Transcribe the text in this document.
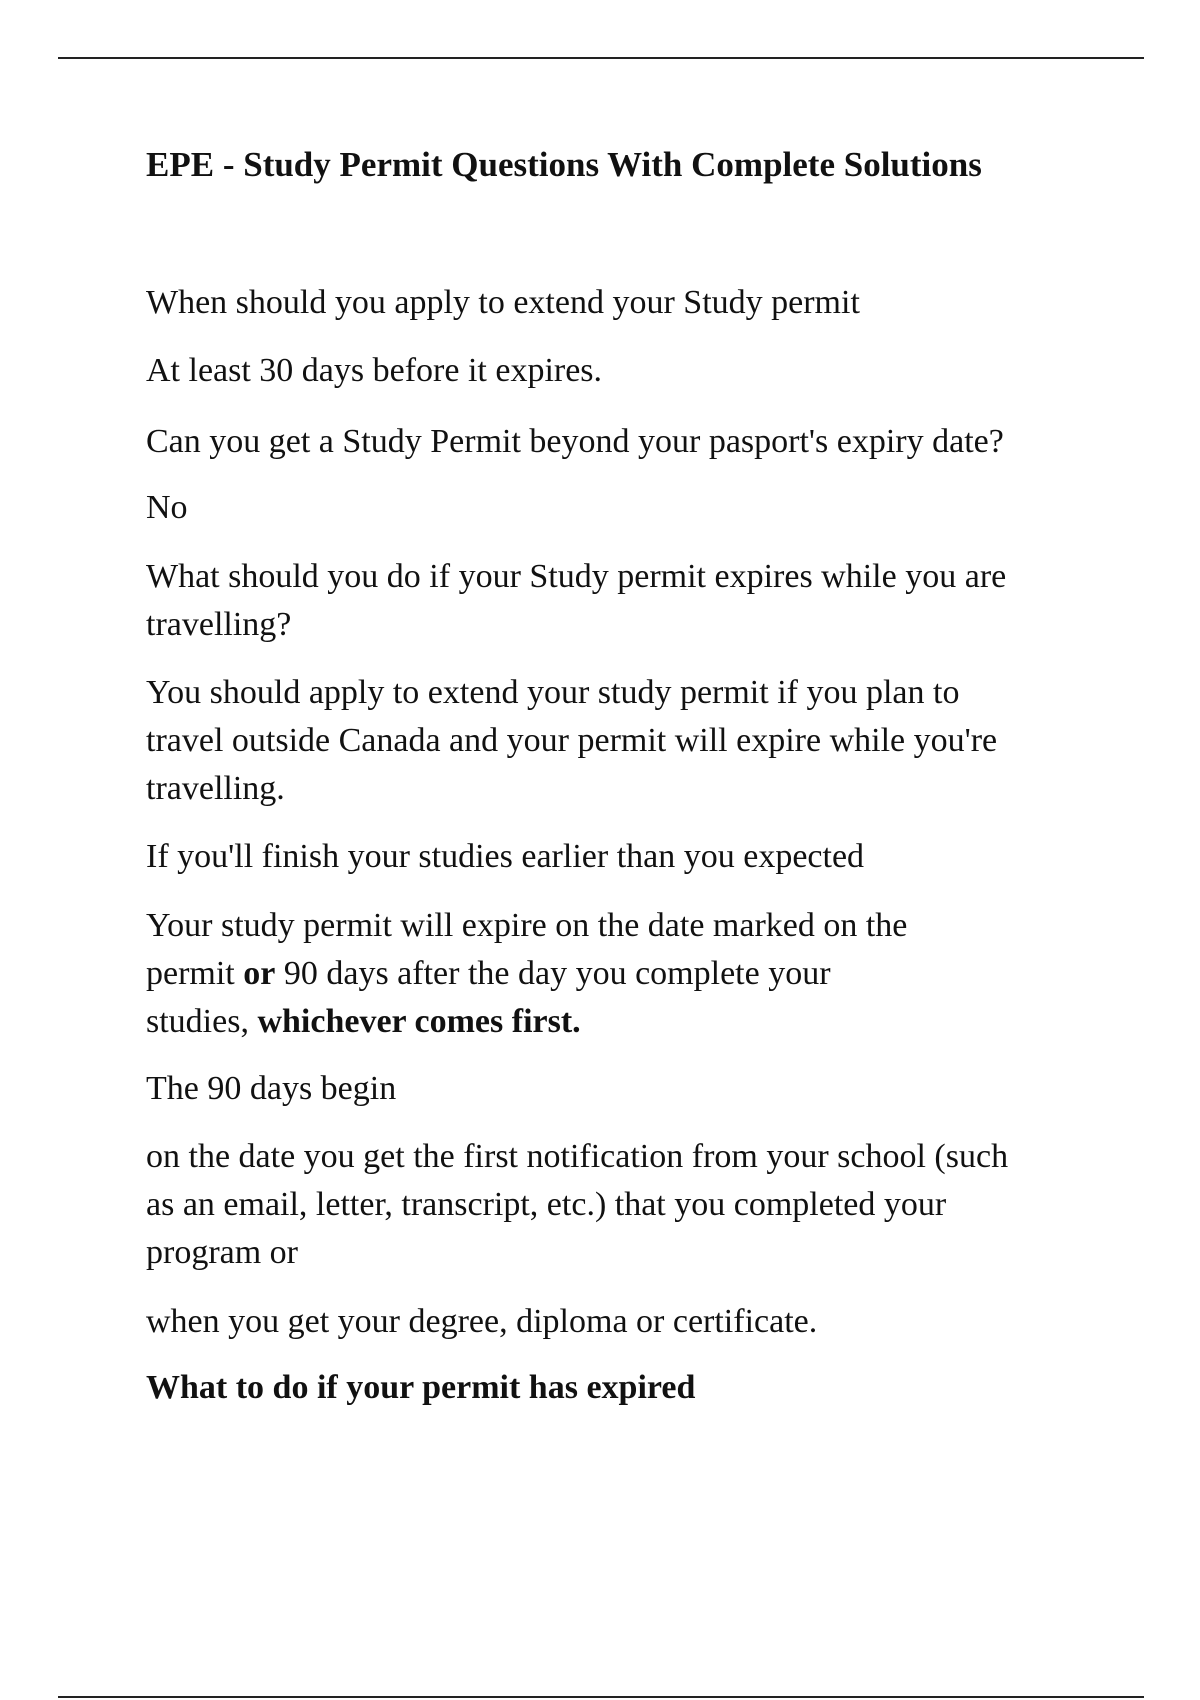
EPE - Study Permit Questions With Complete Solutions

When should you apply to extend your Study permit

At least 30 days before it expires.

Can you get a Study Permit beyond your pasport's expiry date?

No

What should you do if your Study permit expires while you are
travelling?

You should apply to extend your study permit if you plan to
travel outside Canada and your permit will expire while you're
travelling.

If you'll finish your studies earlier than you expected

Your study permit will expire on the date marked on the
permit or 90 days after the day you complete your
studies, whichever comes first.

The 90 days begin

on the date you get the first notification from your school (such
as an email, letter, transcript, etc.) that you completed your
program or

when you get your degree, diploma or certificate.

What to do if your permit has expired
